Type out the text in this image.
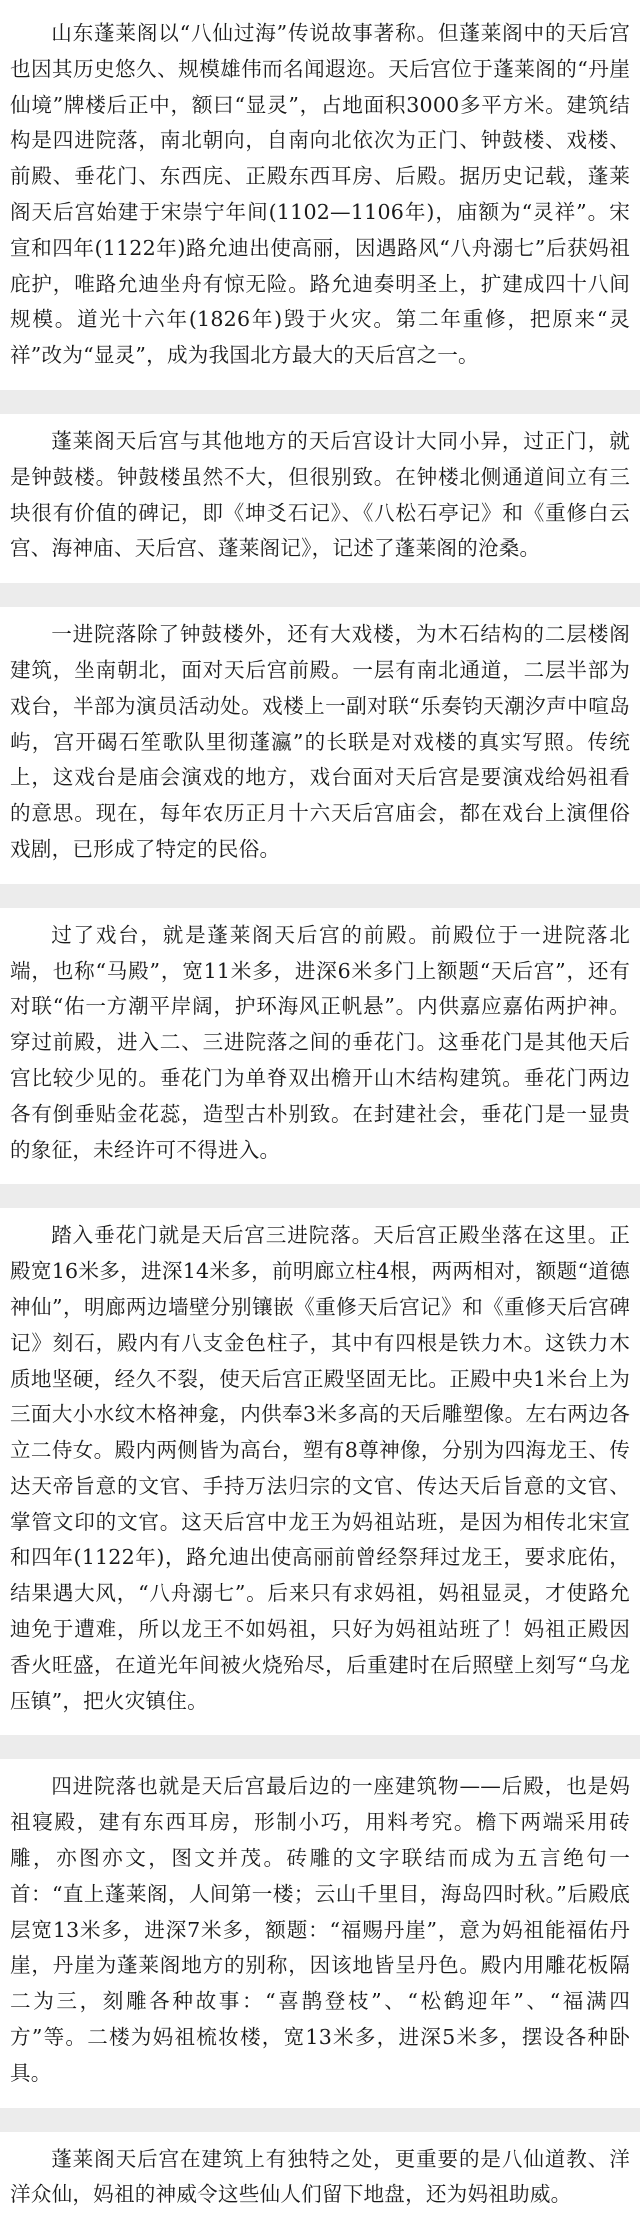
山东蓬莱阁以“八仙过海”传说故事著称。但蓬莱阁中的天后宫也因其历史悠久、规模雄伟而名闻遐迩。天后宫位于蓬莱阁的“丹崖仙境”牌楼后正中，额曰“显灵”，占地面积3000多平方米。建筑结构是四进院落，南北朝向，自南向北依次为正门、钟鼓楼、戏楼、前殿、垂花门、东西庑、正殿东西耳房、后殿。据历史记载，蓬莱阁天后宫始建于宋崇宁年间(1102—1106年)，庙额为“灵祥”。宋宣和四年(1122年)路允迪出使高丽，因遇路风“八舟溺七”后获妈祖庇护，唯路允迪坐舟有惊无险。路允迪奏明圣上，扩建成四十八间规模。道光十六年(1826年)毁于火灾。第二年重修，把原来“灵祥”改为“显灵”，成为我国北方最大的天后宫之一。

蓬莱阁天后宫与其他地方的天后宫设计大同小异，过正门，就是钟鼓楼。钟鼓楼虽然不大，但很别致。在钟楼北侧通道间立有三块很有价值的碑记，即《坤爻石记》、《八松石亭记》和《重修白云宫、海神庙、天后宫、蓬莱阁记》，记述了蓬莱阁的沧桑。

一进院落除了钟鼓楼外，还有大戏楼，为木石结构的二层楼阁建筑，坐南朝北，面对天后宫前殿。一层有南北通道，二层半部为戏台，半部为演员活动处。戏楼上一副对联“乐奏钧天潮汐声中喧岛屿，宫开碣石笙歌队里彻蓬瀛”的长联是对戏楼的真实写照。传统上，这戏台是庙会演戏的地方，戏台面对天后宫是要演戏给妈祖看的意思。现在，每年农历正月十六天后宫庙会，都在戏台上演俚俗戏剧，已形成了特定的民俗。

过了戏台，就是蓬莱阁天后宫的前殿。前殿位于一进院落北端，也称“马殿”，宽11米多，进深6米多门上额题“天后宫”，还有对联“佑一方潮平岸阔，护环海风正帆悬”。内供嘉应嘉佑两护神。穿过前殿，进入二、三进院落之间的垂花门。这垂花门是其他天后宫比较少见的。垂花门为单脊双出檐开山木结构建筑。垂花门两边各有倒垂贴金花蕊，造型古朴别致。在封建社会，垂花门是一显贵的象征，未经许可不得进入。

踏入垂花门就是天后宫三进院落。天后宫正殿坐落在这里。正殿宽16米多，进深14米多，前明廊立柱4根，两两相对，额题“道德神仙”，明廊两边墙壁分别镶嵌《重修天后宫记》和《重修天后宫碑记》刻石，殿内有八支金色柱子，其中有四根是铁力木。这铁力木质地坚硬，经久不裂，使天后宫正殿坚固无比。正殿中央1米台上为三面大小水纹木格神龛，内供奉3米多高的天后雕塑像。左右两边各立二侍女。殿内两侧皆为高台，塑有8尊神像，分别为四海龙王、传达天帝旨意的文官、手持万法归宗的文官、传达天后旨意的文官、掌管文印的文官。这天后宫中龙王为妈祖站班，是因为相传北宋宣和四年(1122年)，路允迪出使高丽前曾经祭拜过龙王，要求庇佑，结果遇大风，“八舟溺七”。后来只有求妈祖，妈祖显灵，才使路允迪免于遭难，所以龙王不如妈祖，只好为妈祖站班了！妈祖正殿因香火旺盛，在道光年间被火烧殆尽，后重建时在后照壁上刻写“乌龙压镇”，把火灾镇住。

四进院落也就是天后宫最后边的一座建筑物——后殿，也是妈祖寝殿，建有东西耳房，形制小巧，用料考究。檐下两端采用砖雕，亦图亦文，图文并茂。砖雕的文字联结而成为五言绝句一首：“直上蓬莱阁，人间第一楼；云山千里目，海岛四时秋。”后殿底层宽13米多，进深7米多，额题：“福赐丹崖”，意为妈祖能福佑丹崖，丹崖为蓬莱阁地方的别称，因该地皆呈丹色。殿内用雕花板隔二为三，刻雕各种故事：“喜鹊登枝”、“松鹤迎年”、“福满四方”等。二楼为妈祖梳妆楼，宽13米多，进深5米多，摆设各种卧具。

蓬莱阁天后宫在建筑上有独特之处，更重要的是八仙道教、洋洋众仙，妈祖的神威令这些仙人们留下地盘，还为妈祖助威。
